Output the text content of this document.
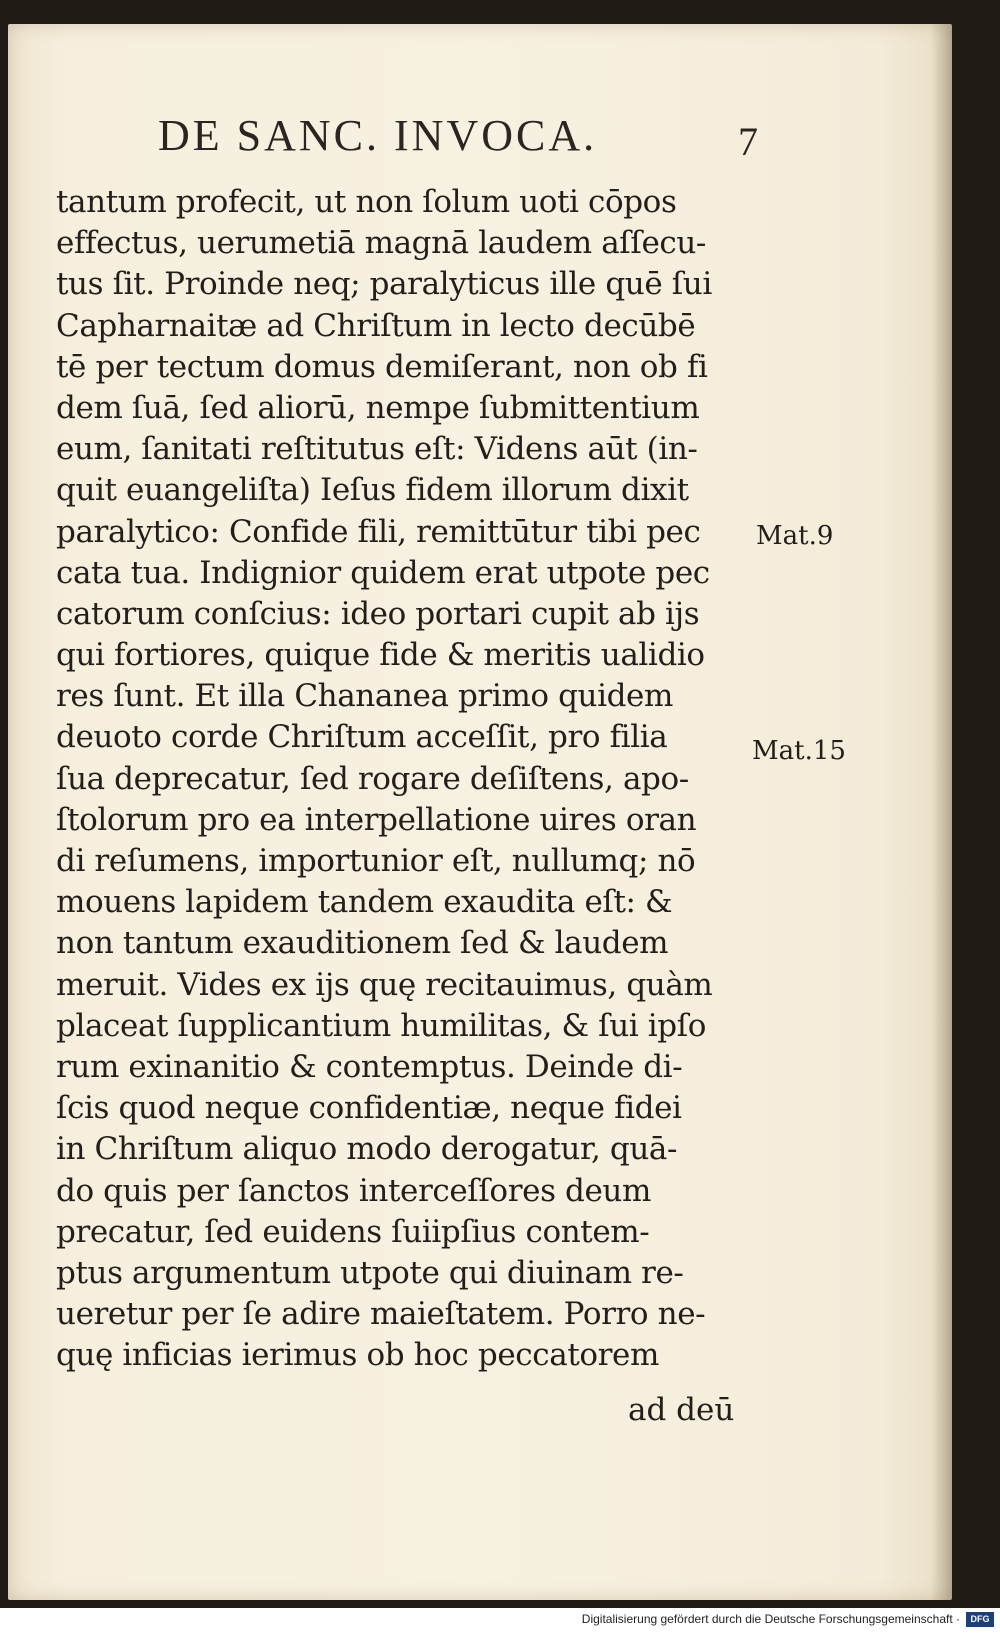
DE SANC. INVOCA.	7
tantum profecit, ut non ſolum uoti cōpos
effectus, uerumetiā magnā laudem aſſecu-
tus ſit. Proinde neq; paralyticus ille quē ſui
Capharnaitæ ad Chriſtum in lecto decūbē
tē per tectum domus demiſerant, non ob fi
dem ſuā, ſed aliorū, nempe ſubmittentium
eum, ſanitati reſtitutus eſt: Videns aūt (in-
quit euangeliſta) Ieſus fidem illorum dixit
paralytico: Confide fili, remittūtur tibi pec
cata tua. Indignior quidem erat utpote pec
catorum conſcius: ideo portari cupit ab ijs
qui fortiores, quique fide & meritis ualidio
res ſunt. Et illa Chananea primo quidem
deuoto corde Chriſtum acceſſit, pro filia
ſua deprecatur, ſed rogare deſiſtens, apo-
ſtolorum pro ea interpellatione uires oran
di reſumens, importunior eſt, nullumq; nō
mouens lapidem tandem exaudita eſt: &
non tantum exauditionem ſed & laudem
meruit. Vides ex ijs quę recitauimus, quàm
placeat ſupplicantium humilitas, & ſui ipſo
rum exinanitio & contemptus. Deinde di-
ſcis quod neque confidentiæ, neque fidei
in Chriſtum aliquo modo derogatur, quā-
do quis per ſanctos interceſſores deum
precatur, ſed euidens ſuiipſius contem-
ptus argumentum utpote qui diuinam re-
ueretur per ſe adire maieſtatem. Porro ne-
quę inficias ierimus ob hoc peccatorem
ad deū
Mat.9
Mat.15
Digitalisierung gefördert durch die Deutsche Forschungsgemeinschaft ·	DFG
